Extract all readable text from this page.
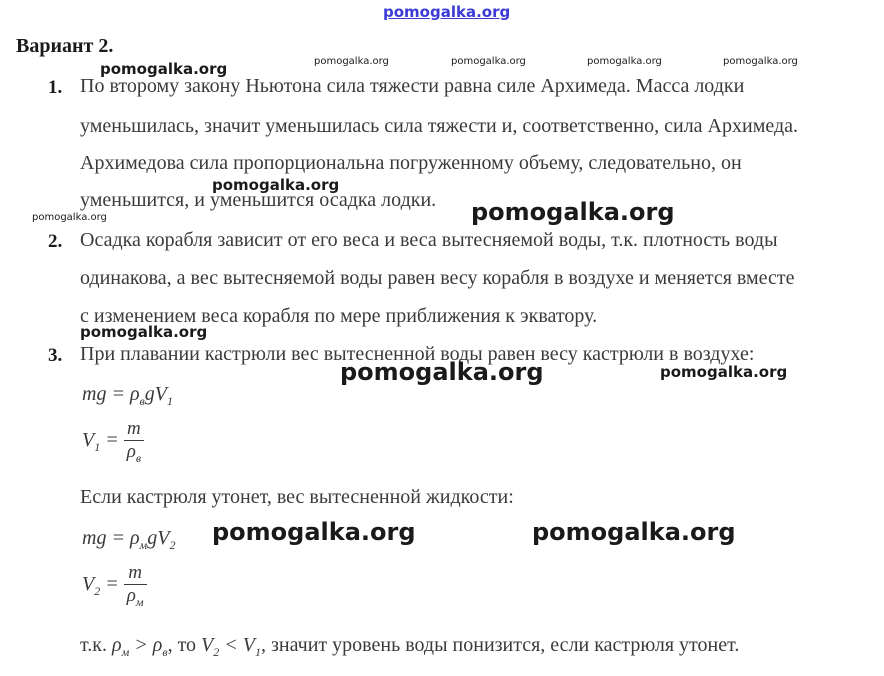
pomogalka.org
Вариант 2.
pomogalka.org	pomogalka.org	pomogalka.org	pomogalka.org
pomogalka.org
1. По второму закону Ньютона сила тяжести равна силе Архимеда. Масса лодки
уменьшилась, значит уменьшилась сила тяжести и, соответственно, сила Архимеда.
Архимедова сила пропорциональна погруженному объему, следовательно, он
уменьшится, и уменьшится осадка лодки.
pomogalka.org
pomogalka.org	pomogalka.org
2. Осадка корабля зависит от его веса и веса вытесняемой воды, т.к. плотность воды
одинакова, а вес вытесняемой воды равен весу корабля в воздухе и меняется вместе
с изменением веса корабля по мере приближения к экватору.
pomogalka.org
3. При плавании кастрюли вес вытесненной воды равен весу кастрюли в воздухе:
pomogalka.org	pomogalka.org
mg = $\rho_вgV_1$
$V_1 = \frac{m}{\rho_в}$
Если кастрюля утонет, вес вытесненной жидкости:
pomogalka.org	pomogalka.org
mg = $\rho_мgV_2$
$V_2 = \frac{m}{\rho_м}$
т.к. $\rho_м > \rho_в$, то $V_2 < V_1$, значит уровень воды понизится, если кастрюля утонет.
